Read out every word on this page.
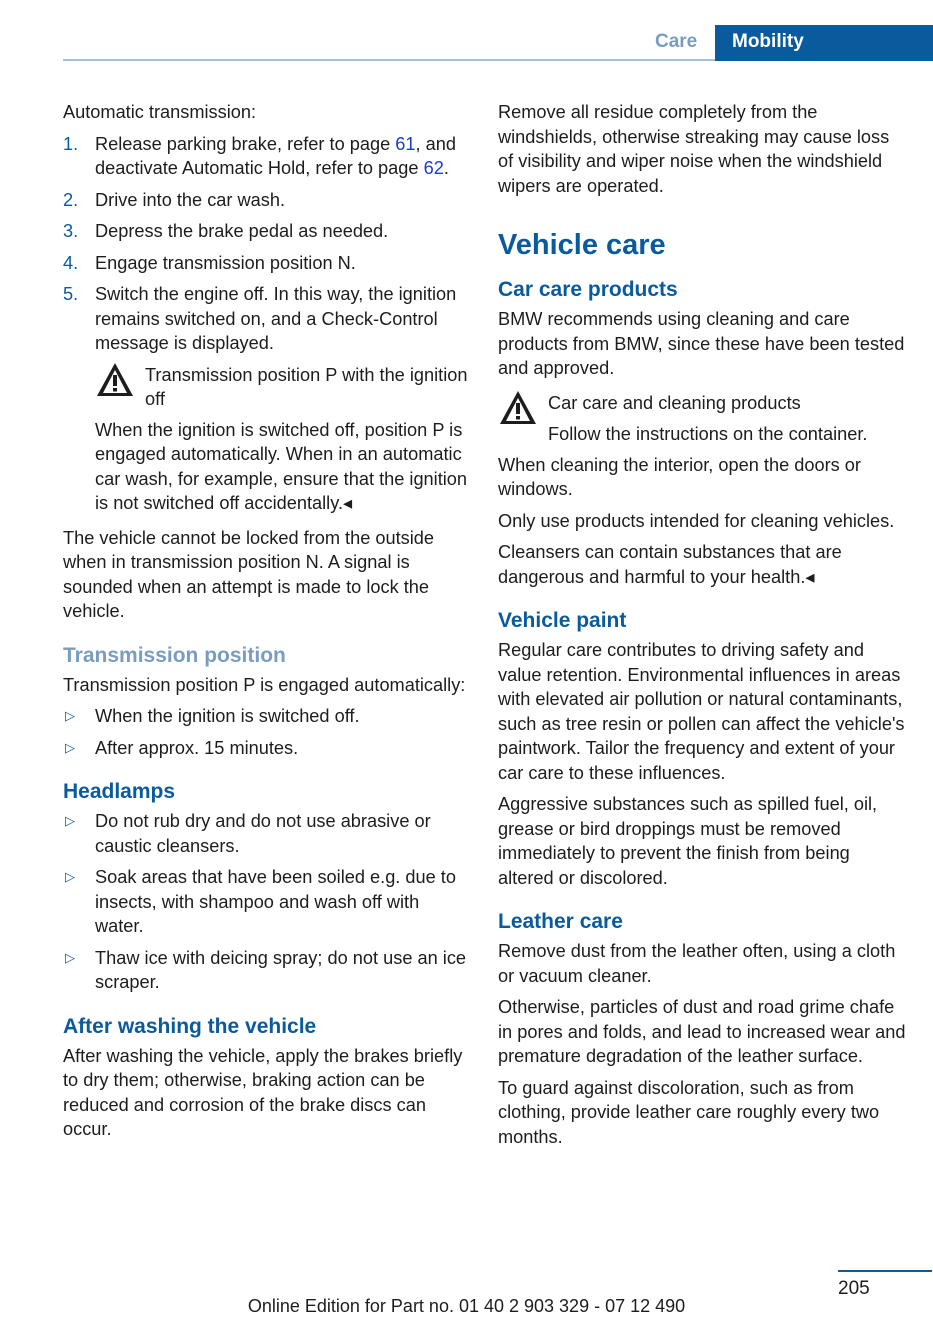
Care	Mobility

Automatic transmission:

1. Release parking brake, refer to page 61, and deactivate Automatic Hold, refer to page 62.
2. Drive into the car wash.
3. Depress the brake pedal as needed.
4. Engage transmission position N.
5. Switch the engine off. In this way, the ignition remains switched on, and a Check-Control message is displayed.
Transmission position P with the ignition off

When the ignition is switched off, position P is engaged automatically. When in an automatic car wash, for example, ensure that the ignition is not switched off accidentally.◂

The vehicle cannot be locked from the outside when in transmission position N. A signal is sounded when an attempt is made to lock the vehicle.

Transmission position

Transmission position P is engaged automatically:

▷ When the ignition is switched off.
▷ After approx. 15 minutes.
Headlamps
▷ Do not rub dry and do not use abrasive or caustic cleansers.
▷ Soak areas that have been soiled e.g. due to insects, with shampoo and wash off with water.
▷ Thaw ice with deicing spray; do not use an ice scraper.
After washing the vehicle

After washing the vehicle, apply the brakes briefly to dry them; otherwise, braking action can be reduced and corrosion of the brake discs can occur.

Remove all residue completely from the windshields, otherwise streaking may cause loss of visibility and wiper noise when the windshield wipers are operated.

Vehicle care
Car care products

BMW recommends using cleaning and care products from BMW, since these have been tested and approved.

Car care and cleaning products
Follow the instructions on the container.

When cleaning the interior, open the doors or windows.

Only use products intended for cleaning vehicles.

Cleansers can contain substances that are dangerous and harmful to your health.◂

Vehicle paint

Regular care contributes to driving safety and value retention. Environmental influences in areas with elevated air pollution or natural contaminants, such as tree resin or pollen can affect the vehicle's paintwork. Tailor the frequency and extent of your car care to these influences.

Aggressive substances such as spilled fuel, oil, grease or bird droppings must be removed immediately to prevent the finish from being altered or discolored.

Leather care

Remove dust from the leather often, using a cloth or vacuum cleaner.

Otherwise, particles of dust and road grime chafe in pores and folds, and lead to increased wear and premature degradation of the leather surface.

To guard against discoloration, such as from clothing, provide leather care roughly every two months.

205
Online Edition for Part no. 01 40 2 903 329 - 07 12 490
